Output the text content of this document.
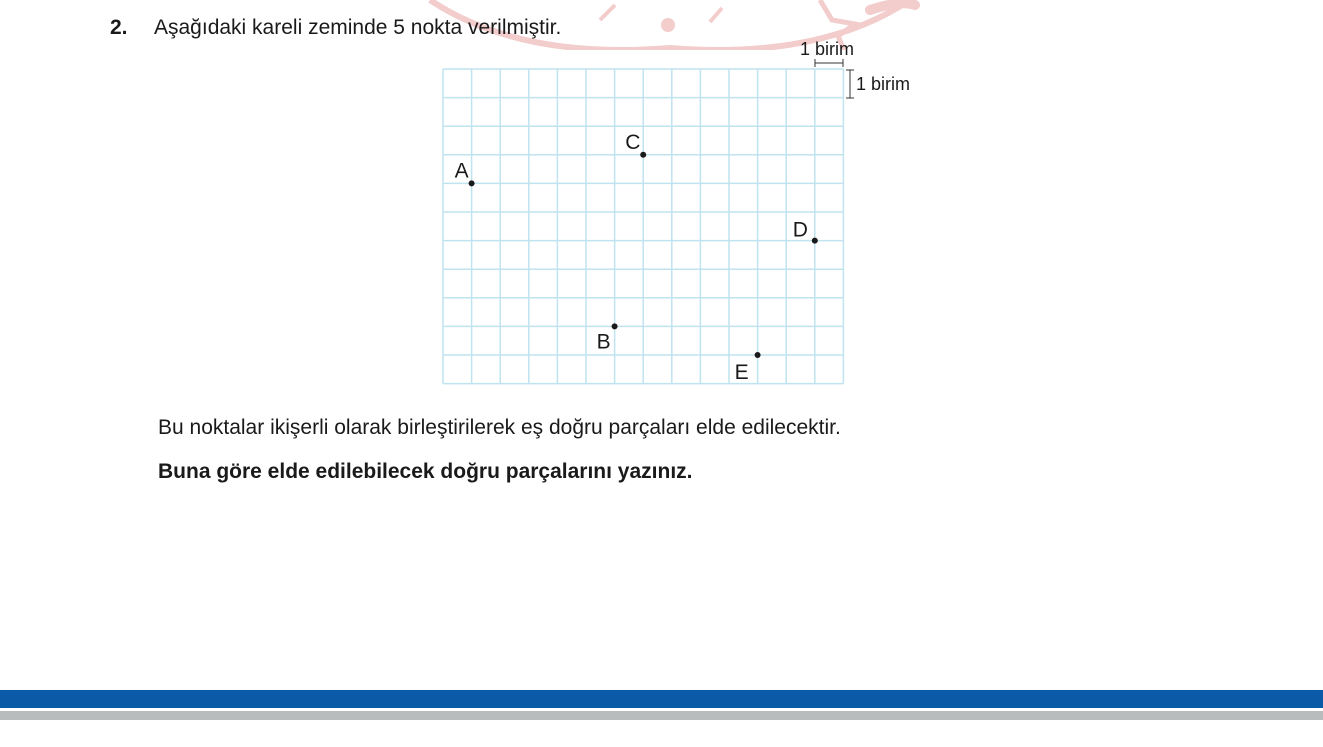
2. Aşağıdaki kareli zeminde 5 nokta verilmiştir.
1 birim
1 birim
A
C
D
B
E
Bu noktalar ikişerli olarak birleştirilerek eş doğru parçaları elde edilecektir.
Buna göre elde edilebilecek doğru parçalarını yazınız.
